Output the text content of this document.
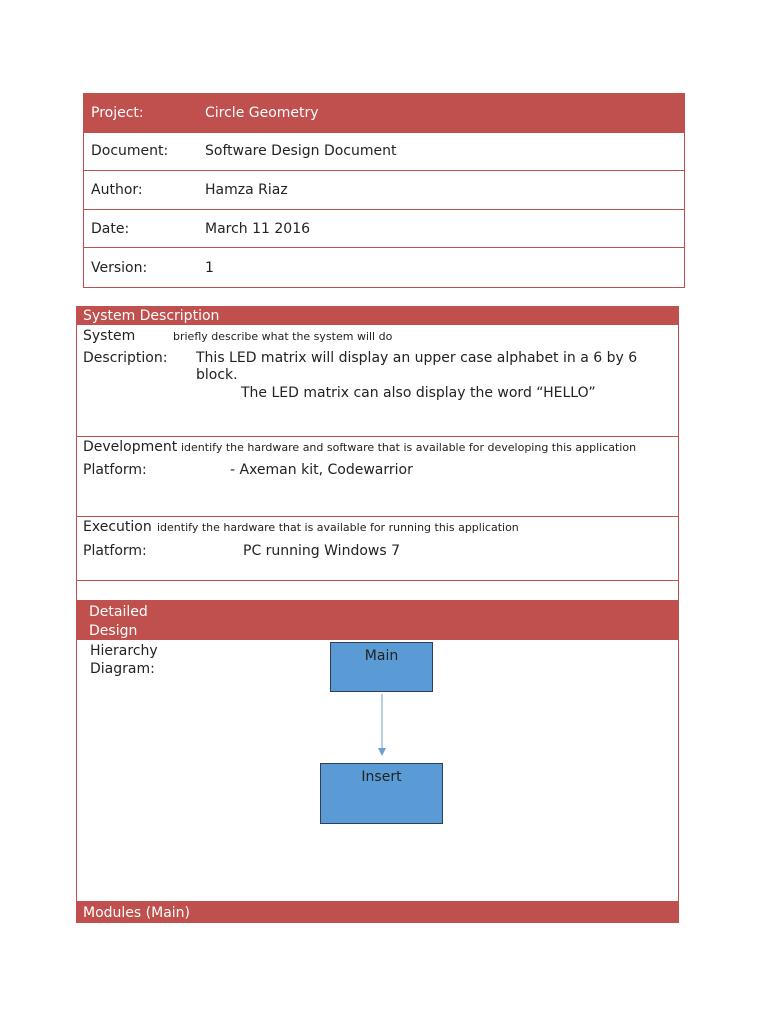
Project:	Circle Geometry
Document:	Software Design Document
Author:	Hamza Riaz
Date:	March 11 2016
Version:	1
System Description
System	briefly describe what the system will do
Description: This LED matrix will display an upper case alphabet in a 6 by 6
block.
The LED matrix can also display the word “HELLO”
Development identify the hardware and software that is available for developing this application
Platform:	- Axeman kit, Codewarrior
Execution identify the hardware that is available for running this application
Platform:	PC running Windows 7
Detailed
Design
Hierarchy
Diagram:
Main
Insert
Modules (Main)
